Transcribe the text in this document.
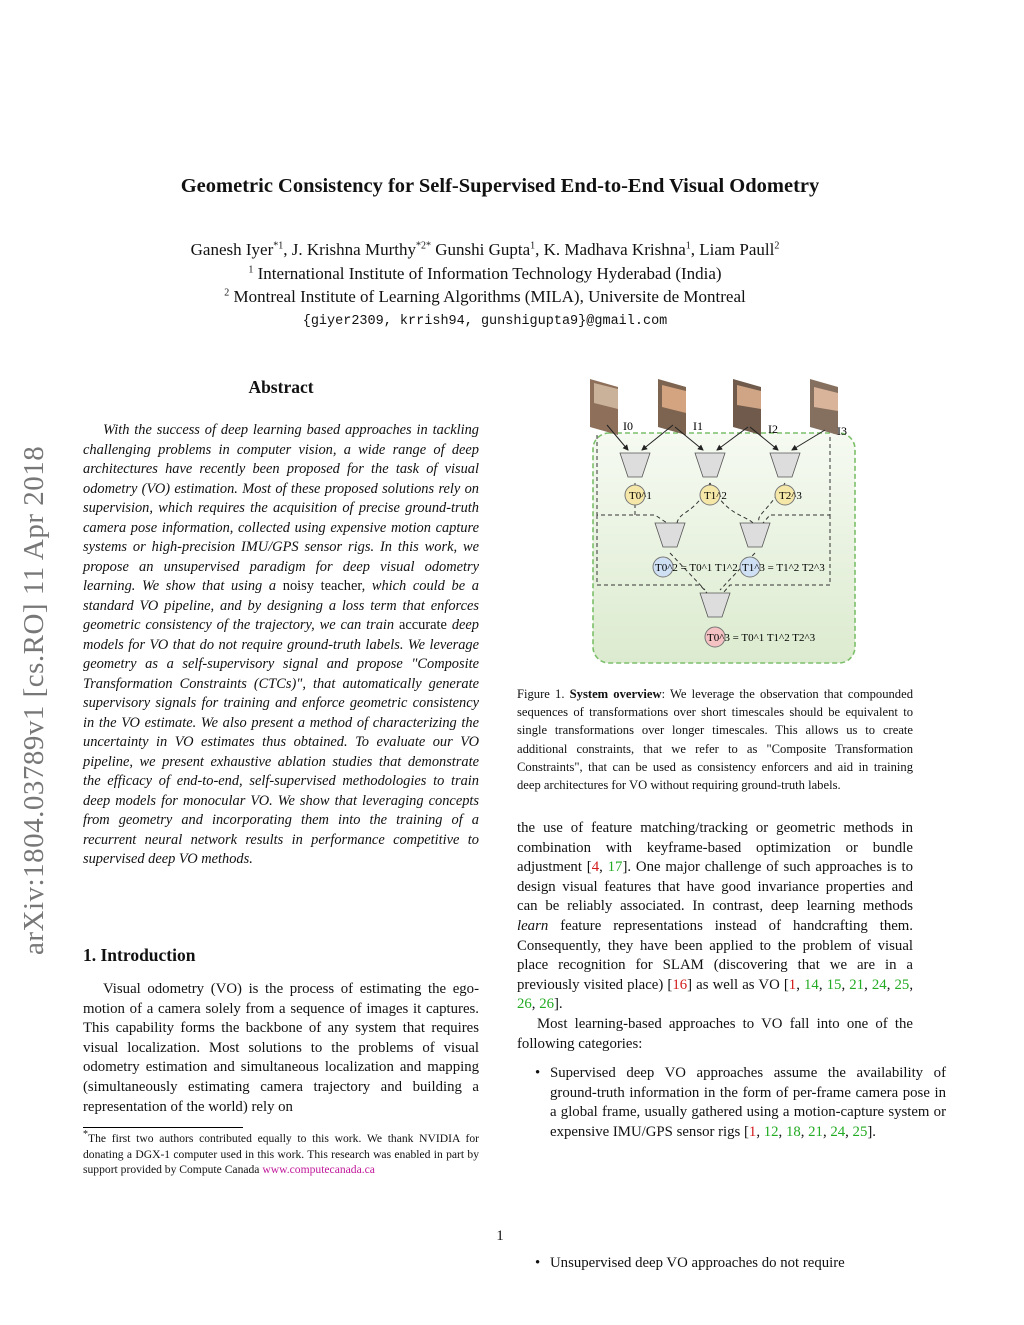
Geometric Consistency for Self-Supervised End-to-End Visual Odometry
Ganesh Iyer$^{*1}$, J. Krishna Murthy$^{*2*}$ Gunshi Gupta$^1$, K. Madhava Krishna$^1$, Liam Paull$^2$
$^1$ International Institute of Information Technology Hyderabad (India)
$^2$ Montreal Institute of Learning Algorithms (MILA), Universite de Montreal
{giyer2309, krrish94, gunshigupta9}@gmail.com
arXiv:1804.03789v1 [cs.RO] 11 Apr 2018
Abstract
With the success of deep learning based approaches in tackling challenging problems in computer vision, a wide range of deep architectures have recently been proposed for the task of visual odometry (VO) estimation. Most of these proposed solutions rely on supervision, which requires the acquisition of precise ground-truth camera pose information, collected using expensive motion capture systems or high-precision IMU/GPS sensor rigs. In this work, we propose an unsupervised paradigm for deep visual odometry learning. We show that using a noisy teacher, which could be a standard VO pipeline, and by designing a loss term that enforces geometric consistency of the trajectory, we can train accurate deep models for VO that do not require ground-truth labels. We leverage geometry as a self-supervisory signal and propose "Composite Transformation Constraints (CTCs)", that automatically generate supervisory signals for training and enforce geometric consistency in the VO estimate. We also present a method of characterizing the uncertainty in VO estimates thus obtained. To evaluate our VO pipeline, we present exhaustive ablation studies that demonstrate the efficacy of end-to-end, self-supervised methodologies to train deep models for monocular VO. We show that leveraging concepts from geometry and incorporating them into the training of a recurrent neural network results in performance competitive to supervised deep VO methods.
1. Introduction
Visual odometry (VO) is the process of estimating the ego-motion of a camera solely from a sequence of images it captures. This capability forms the backbone of any system that requires visual localization. Most solutions to the problems of visual odometry estimation and simultaneous localization and mapping (simultaneously estimating camera trajectory and building a representation of the world) rely on
*The first two authors contributed equally to this work. We thank NVIDIA for donating a DGX-1 computer used in this work. This research was enabled in part by support provided by Compute Canada www.computecanada.ca
I0	I1	I2	I3
T0^1	T1^2	T2^3
T0^2 = T0^1 T1^2 T1^3 = T1^2 T2^3
T0^3 = T0^1 T1^2 T2^3
Figure 1. System overview: We leverage the observation that compounded sequences of transformations over short timescales should be equivalent to single transformations over longer timescales. This allows us to create additional constraints, that we refer to as "Composite Transformation Constraints", that can be used as consistency enforcers and aid in training deep architectures for VO without requiring ground-truth labels.
the use of feature matching/tracking or geometric methods in combination with keyframe-based optimization or bundle adjustment [4, 17]. One major challenge of such approaches is to design visual features that have good invariance properties and can be reliably associated. In contrast, deep learning methods learn feature representations instead of handcrafting them. Consequently, they have been applied to the problem of visual place recognition for SLAM (discovering that we are in a previously visited place) [16] as well as VO [1, 14, 15, 21, 24, 25, 26, 26].
Most learning-based approaches to VO fall into one of the following categories:
• Supervised deep VO approaches assume the availability of ground-truth information in the form of per-frame camera pose in a global frame, usually gathered using a motion-capture system or expensive IMU/GPS sensor rigs [1, 12, 18, 21, 24, 25].
• Unsupervised deep VO approaches do not require
1
